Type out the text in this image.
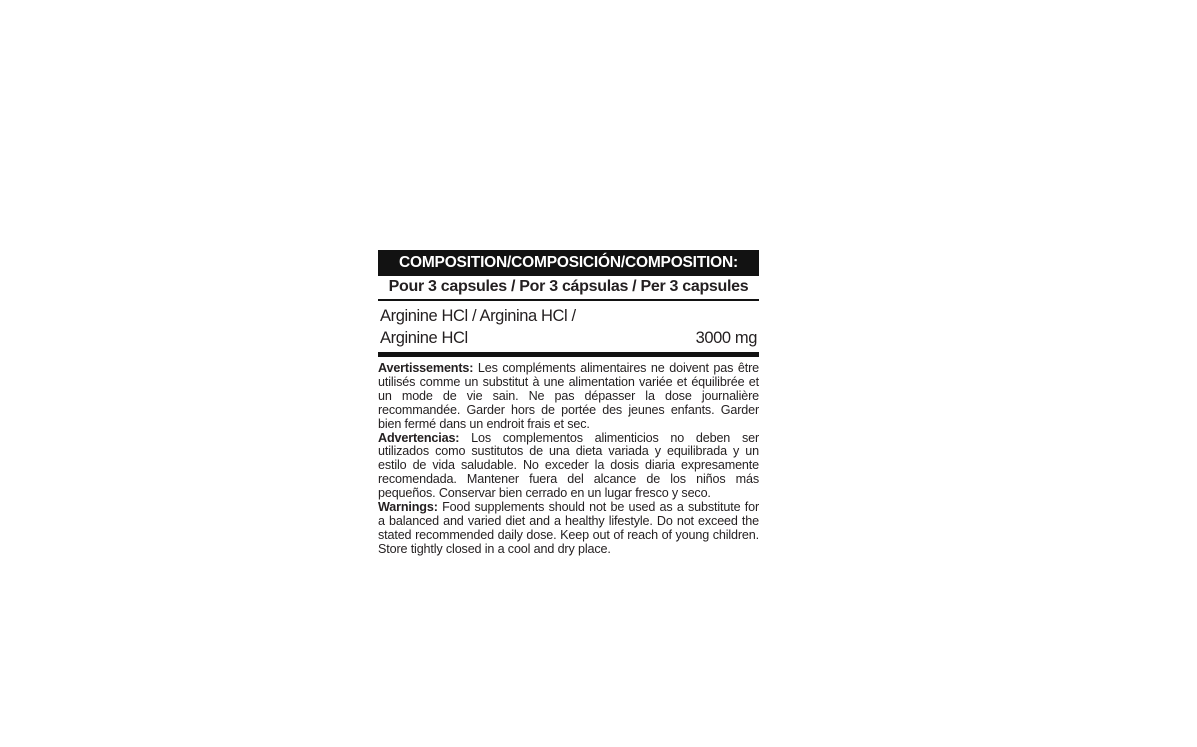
COMPOSITION/COMPOSICIÓN/COMPOSITION:
Pour 3 capsules / Por 3 cápsulas / Per 3 capsules
Arginine HCl / Arginina HCl /
Arginine HCl	3000 mg

Avertissements: Les compléments alimentaires ne doivent pas être utilisés comme un substitut à une alimentation variée et équilibrée et un mode de vie sain. Ne pas dépasser la dose journalière recommandée. Garder hors de portée des jeunes enfants. Garder bien fermé dans un endroit frais et sec.

Advertencias: Los complementos alimenticios no deben ser utilizados como sustitutos de una dieta variada y equilibrada y un estilo de vida saludable. No exceder la dosis diaria expresamente recomendada. Mantener fuera del alcance de los niños más pequeños. Conservar bien cerrado en un lugar fresco y seco.

Warnings: Food supplements should not be used as a substitute for a balanced and varied diet and a healthy lifestyle. Do not exceed the stated recommended daily dose. Keep out of reach of young children. Store tightly closed in a cool and dry place.
